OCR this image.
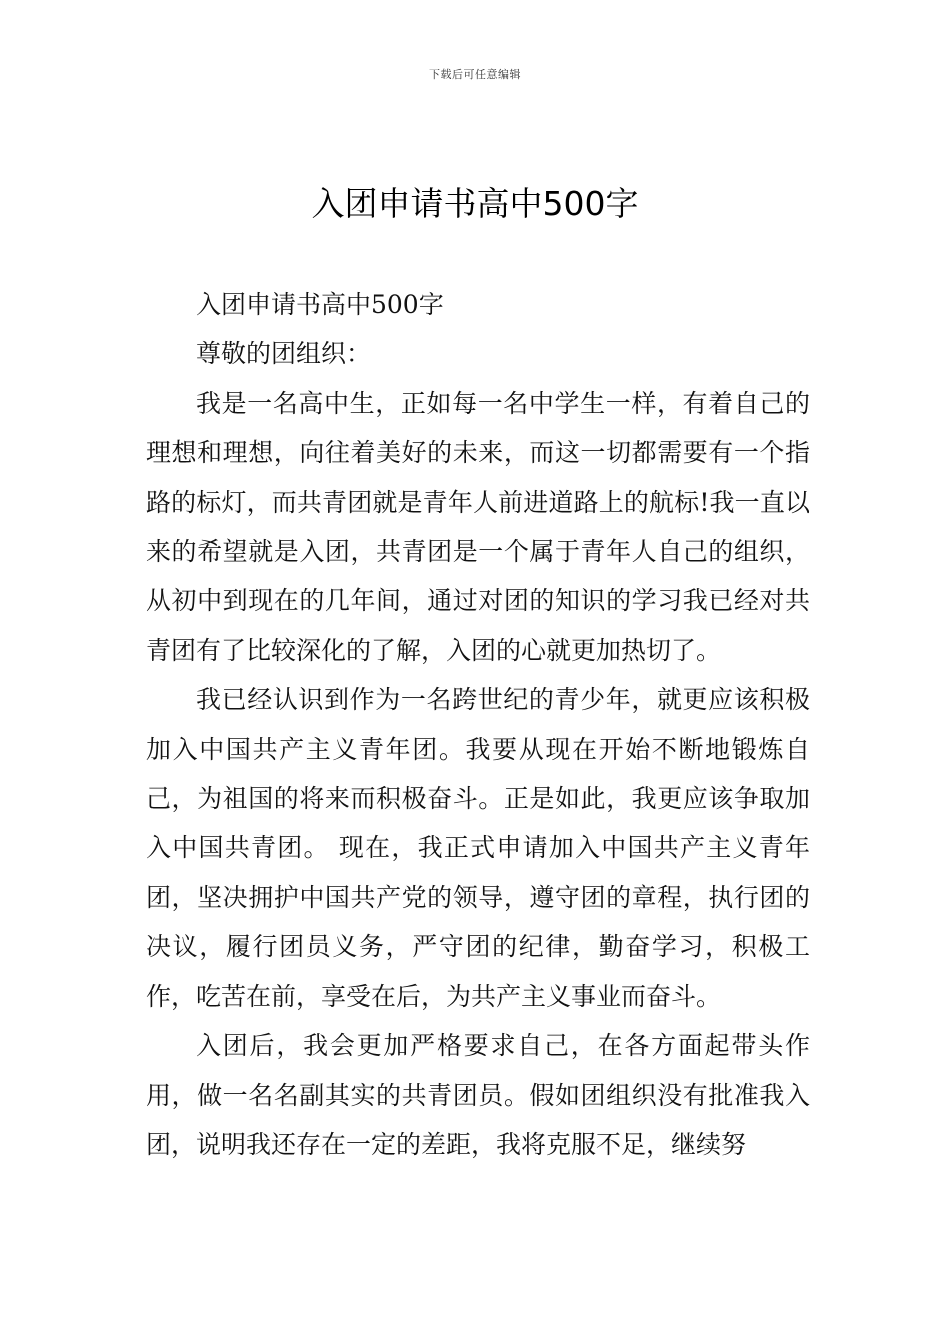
下载后可任意编辑
入团申请书高中500字

入团申请书高中500字

尊敬的团组织：

我是一名高中生，正如每一名中学生一样，有着自己的理想和理想，向往着美好的未来，而这一切都需要有一个指路的标灯，而共青团就是青年人前进道路上的航标!我一直以来的希望就是入团，共青团是一个属于青年人自己的组织，从初中到现在的几年间，通过对团的知识的学习我已经对共青团有了比较深化的了解，入团的心就更加热切了。

我已经认识到作为一名跨世纪的青少年，就更应该积极加入中国共产主义青年团。我要从现在开始不断地锻炼自己，为祖国的将来而积极奋斗。正是如此，我更应该争取加入中国共青团。 现在，我正式申请加入中国共产主义青年团，坚决拥护中国共产党的领导，遵守团的章程，执行团的决议，履行团员义务，严守团的纪律，勤奋学习，积极工作，吃苦在前，享受在后，为共产主义事业而奋斗。

入团后，我会更加严格要求自己，在各方面起带头作用，做一名名副其实的共青团员。假如团组织没有批准我入团，说明我还存在一定的差距，我将克服不足，继续努
